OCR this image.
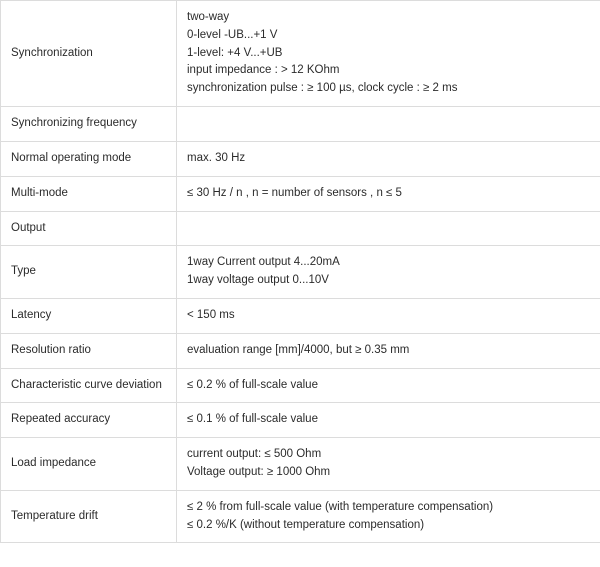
Synchronization	two-way
0-level -UB...+1 V
1-level: +4 V...+UB
input impedance : > 12 KOhm
synchronization pulse : ≥ 100 µs, clock cycle : ≥ 2 ms

Synchronizing frequency	

Normal operating mode	max. 30 Hz

Multi-mode	≤ 30 Hz / n , n = number of sensors , n ≤ 5

Output	

Type	1way Current output 4...20mA
1way voltage output 0...10V

Latency	< 150 ms

Resolution ratio	evaluation range [mm]/4000, but ≥ 0.35 mm

Characteristic curve deviation	≤ 0.2 % of full-scale value

Repeated accuracy	≤ 0.1 % of full-scale value

Load impedance	current output: ≤ 500 Ohm
Voltage output: ≥ 1000 Ohm

Temperature drift	≤ 2 % from full-scale value (with temperature compensation)
≤ 0.2 %/K (without temperature compensation)
